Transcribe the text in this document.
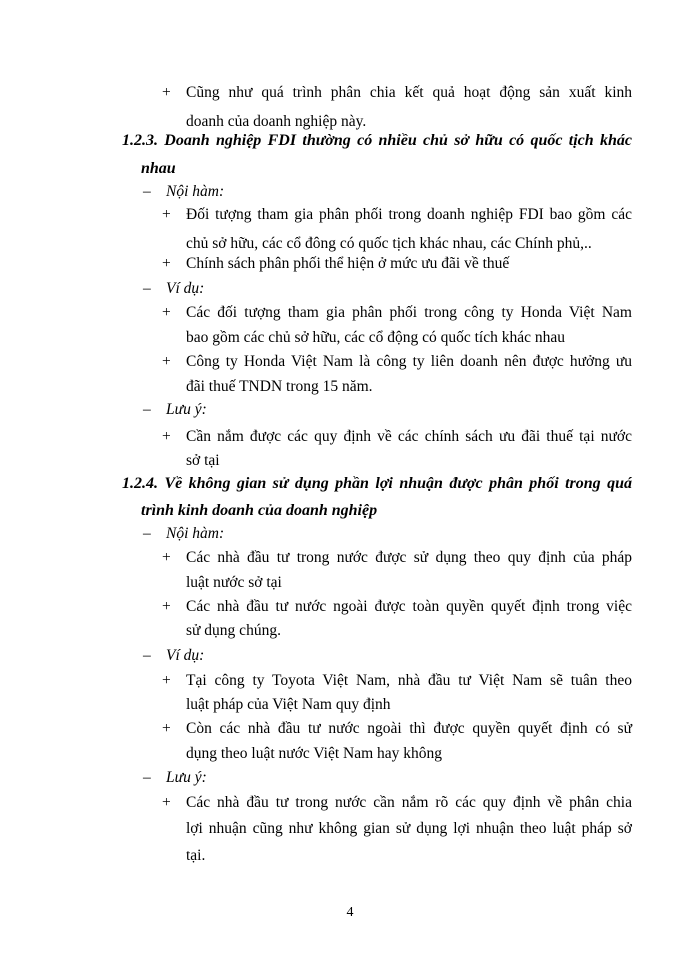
+ Cũng như quá trình phân chia kết quả hoạt động sản xuất kinh
doanh của doanh nghiệp này.
1.2.3. Doanh nghiệp FDI thường có nhiều chủ sở hữu có quốc tịch khác
nhau
– Nội hàm:
+ Đối tượng tham gia phân phối trong doanh nghiệp FDI bao gồm các
chủ sở hữu, các cổ đông có quốc tịch khác nhau, các Chính phủ,..
+ Chính sách phân phối thể hiện ở mức ưu đãi về thuế
– Ví dụ:
+ Các đối tượng tham gia phân phối trong công ty Honda Việt Nam
bao gồm các chủ sở hữu, các cổ động có quốc tích khác nhau
+ Công ty Honda Việt Nam là công ty liên doanh nên được hưởng ưu
đãi thuế TNDN trong 15 năm.
– Lưu ý:
+ Cần nắm được các quy định về các chính sách ưu đãi thuế tại nước
sở tại
1.2.4. Về không gian sử dụng phần lợi nhuận được phân phối trong quá
trình kinh doanh của doanh nghiệp
– Nội hàm:
+ Các nhà đầu tư trong nước được sử dụng theo quy định của pháp
luật nước sở tại
+ Các nhà đầu tư nước ngoài được toàn quyền quyết định trong việc
sử dụng chúng.
– Ví dụ:
+ Tại công ty Toyota Việt Nam, nhà đầu tư Việt Nam sẽ tuân theo
luật pháp của Việt Nam quy định
+ Còn các nhà đầu tư nước ngoài thì được quyền quyết định có sử
dụng theo luật nước Việt Nam hay không
– Lưu ý:
+ Các nhà đầu tư trong nước cần nắm rõ các quy định về phân chia
lợi nhuận cũng như không gian sử dụng lợi nhuận theo luật pháp sở
tại.
4
